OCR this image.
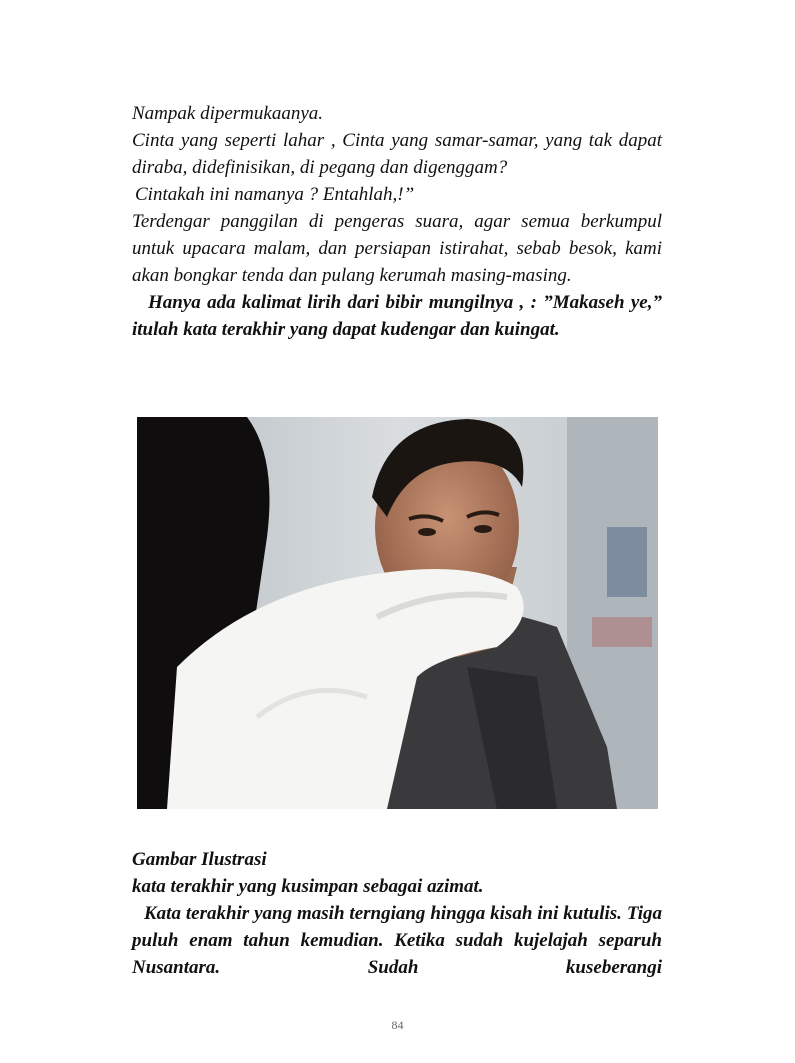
Nampak dipermukaanya.

Cinta yang seperti lahar , Cinta yang samar-samar, yang tak dapat diraba, didefinisikan, di pegang dan digenggam?

Cintakah ini namanya ? Entahlah,!”

Terdengar panggilan di pengeras suara, agar semua berkumpul untuk upacara malam, dan persiapan istirahat, sebab besok, kami akan bongkar tenda dan pulang kerumah masing-masing.

Hanya ada kalimat lirih dari bibir mungilnya , : ”Makaseh ye,” itulah kata terakhir yang dapat kudengar dan kuingat.

Gambar Ilustrasi

kata terakhir yang kusimpan sebagai azimat.

Kata terakhir yang masih terngiang hingga kisah ini kutulis. Tiga puluh enam tahun kemudian. Ketika sudah kujelajah separuh Nusantara. Sudah kuseberangi

84
